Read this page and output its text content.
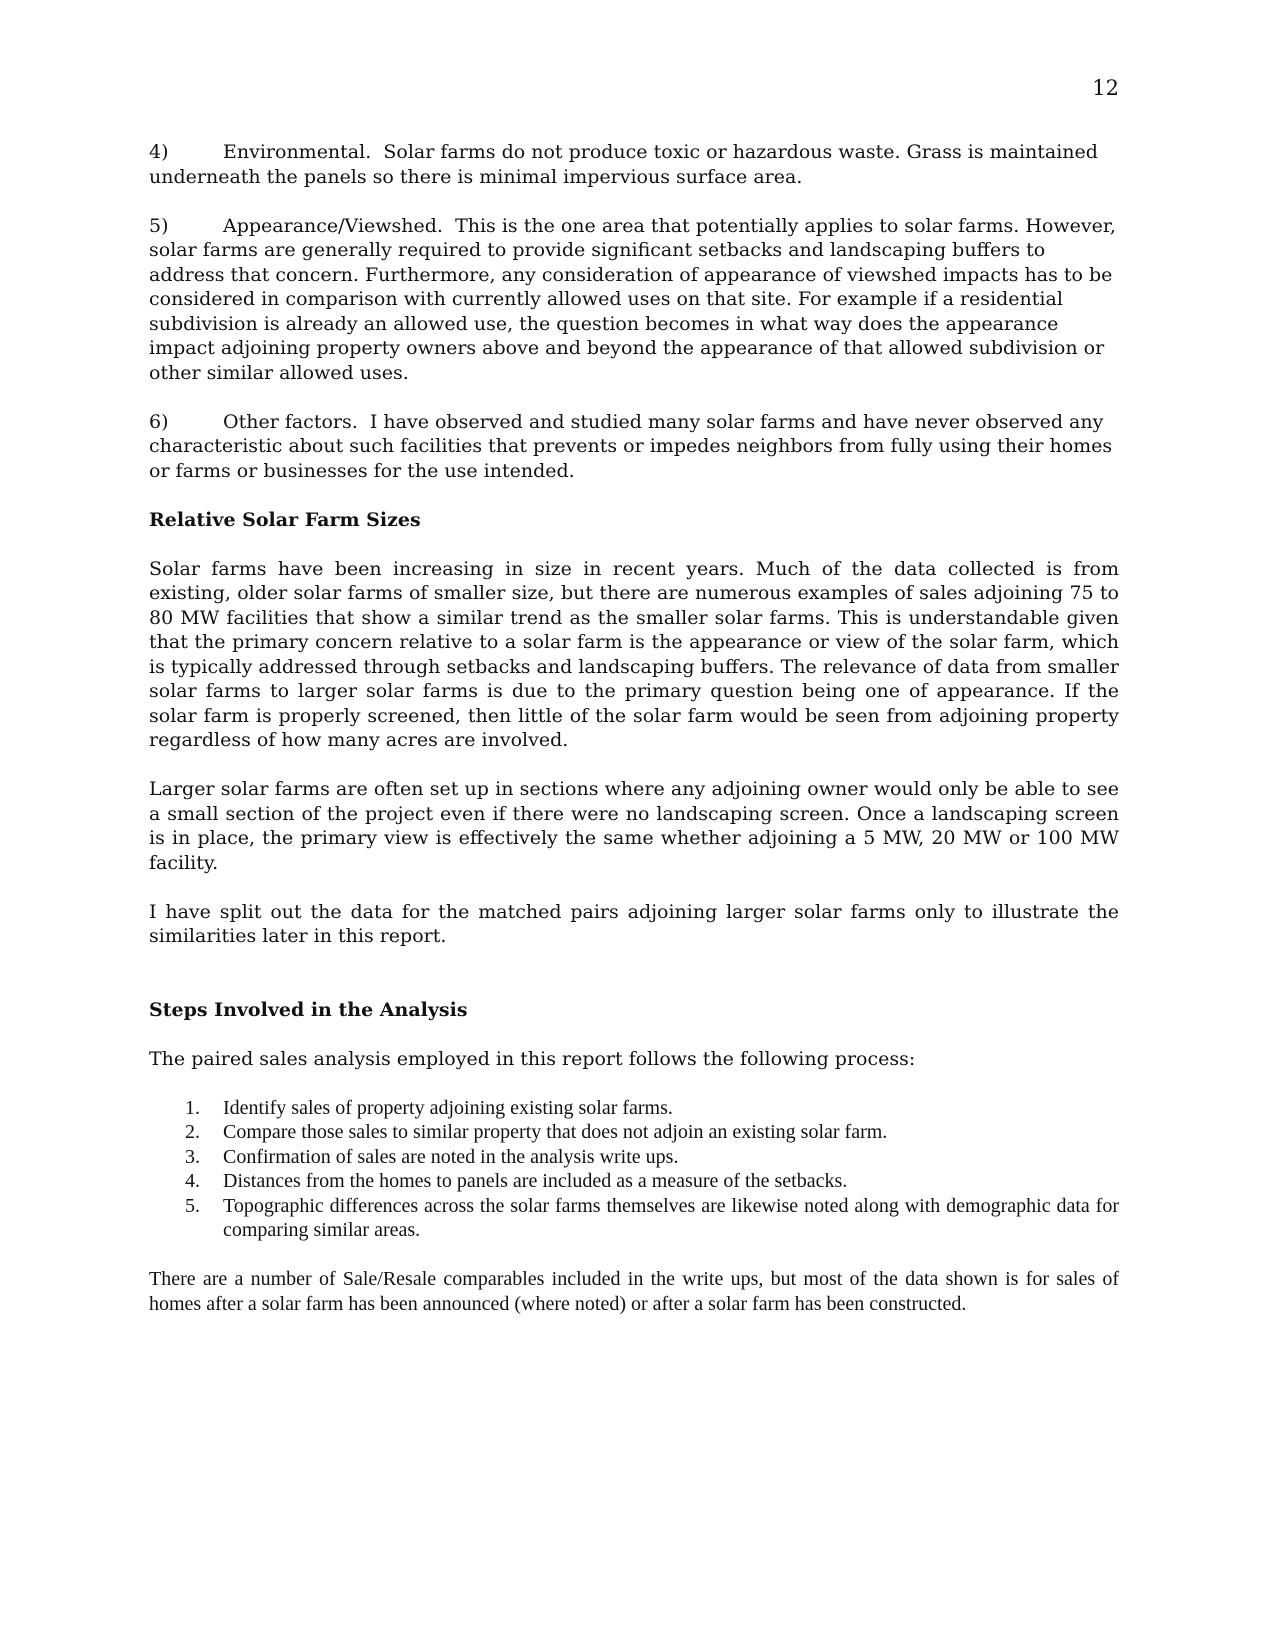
12

4)	Environmental. Solar farms do not produce toxic or hazardous waste. Grass is maintained underneath the panels so there is minimal impervious surface area.

5)	Appearance/Viewshed. This is the one area that potentially applies to solar farms. However, solar farms are generally required to provide significant setbacks and landscaping buffers to address that concern. Furthermore, any consideration of appearance of viewshed impacts has to be considered in comparison with currently allowed uses on that site. For example if a residential subdivision is already an allowed use, the question becomes in what way does the appearance impact adjoining property owners above and beyond the appearance of that allowed subdivision or other similar allowed uses.

6)	Other factors. I have observed and studied many solar farms and have never observed any characteristic about such facilities that prevents or impedes neighbors from fully using their homes or farms or businesses for the use intended.

Relative Solar Farm Sizes

Solar farms have been increasing in size in recent years. Much of the data collected is from existing, older solar farms of smaller size, but there are numerous examples of sales adjoining 75 to 80 MW facilities that show a similar trend as the smaller solar farms. This is understandable given that the primary concern relative to a solar farm is the appearance or view of the solar farm, which is typically addressed through setbacks and landscaping buffers. The relevance of data from smaller solar farms to larger solar farms is due to the primary question being one of appearance. If the solar farm is properly screened, then little of the solar farm would be seen from adjoining property regardless of how many acres are involved.

Larger solar farms are often set up in sections where any adjoining owner would only be able to see a small section of the project even if there were no landscaping screen. Once a landscaping screen is in place, the primary view is effectively the same whether adjoining a 5 MW, 20 MW or 100 MW facility.

I have split out the data for the matched pairs adjoining larger solar farms only to illustrate the similarities later in this report.

Steps Involved in the Analysis

The paired sales analysis employed in this report follows the following process:

1.	Identify sales of property adjoining existing solar farms.
2.	Compare those sales to similar property that does not adjoin an existing solar farm.
3.	Confirmation of sales are noted in the analysis write ups.
4.	Distances from the homes to panels are included as a measure of the setbacks.
5.	Topographic differences across the solar farms themselves are likewise noted along with demographic data for comparing similar areas.

There are a number of Sale/Resale comparables included in the write ups, but most of the data shown is for sales of homes after a solar farm has been announced (where noted) or after a solar farm has been constructed.
